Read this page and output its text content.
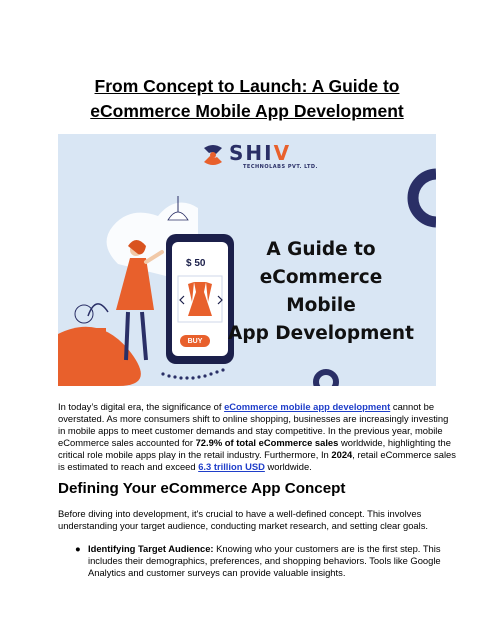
From Concept to Launch: A Guide to
eCommerce Mobile App Development
SHIV
TECHNOLABS PVT. LTD.
$ 50
BUY
A Guide to
eCommerce Mobile
App Development
In today’s digital era, the significance of eCommerce mobile app development cannot be overstated. As more consumers shift to online shopping, businesses are increasingly investing in mobile apps to meet customer demands and stay competitive. In the previous year, mobile eCommerce sales accounted for 72.9% of total eCommerce sales worldwide, highlighting the critical role mobile apps play in the retail industry. Furthermore, In 2024, retail eCommerce sales is estimated to reach and exceed 6.3 trillion USD worldwide.
Defining Your eCommerce App Concept
Before diving into development, it's crucial to have a well-defined concept. This involves understanding your target audience, conducting market research, and setting clear goals.
● Identifying Target Audience: Knowing who your customers are is the first step. This includes their demographics, preferences, and shopping behaviors. Tools like Google Analytics and customer surveys can provide valuable insights.
